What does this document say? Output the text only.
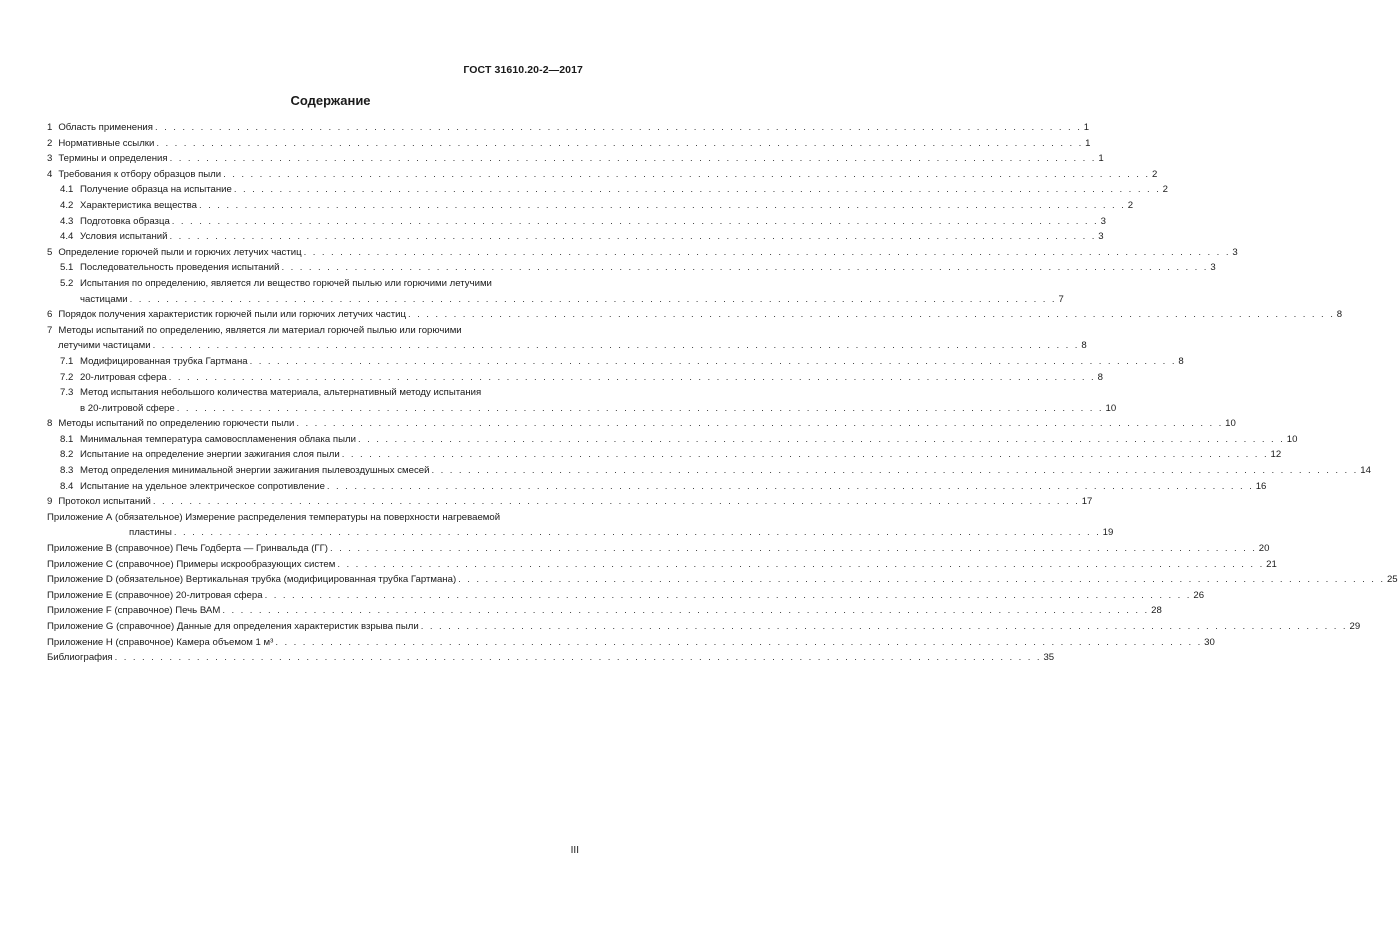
ГОСТ 31610.20-2—2017
Содержание
1 Область применения . . . . . . . . . . . . . . . . . . . . . . . . . . . . . . . . . . . . . . . . . . . . . . . . . . . . . . . . . . . . . . . . . . . . . . . . . . . . . . . . . . . . . . . . . . . . . . . . . . . . . . 1
2 Нормативные ссылки . . . . . . . . . . . . . . . . . . . . . . . . . . . . . . . . . . . . . . . . . . . . . . . . . . . . . . . . . . . . . . . . . . . . . . . . . . . . . . . . . . . . . . . . . . . . . . . . . . . . . . 1
3 Термины и определения . . . . . . . . . . . . . . . . . . . . . . . . . . . . . . . . . . . . . . . . . . . . . . . . . . . . . . . . . . . . . . . . . . . . . . . . . . . . . . . . . . . . . . . . . . . . . . . . . . . . . . 1
4 Требования к отбору образцов пыли . . . . . . . . . . . . . . . . . . . . . . . . . . . . . . . . . . . . . . . . . . . . . . . . . . . . . . . . . . . . . . . . . . . . . . . . . . . . . . . . . . . . . . . . . . . . . . . . . . . . . . 2
4.1 Получение образца на испытание . . . . . . . . . . . . . . . . . . . . . . . . . . . . . . . . . . . . . . . . . . . . . . . . . . . . . . . . . . . . . . . . . . . . . . . . . . . . . . . . . . . . . . . . . . . . . . . . . . . . . . 2
4.2 Характеристика вещества . . . . . . . . . . . . . . . . . . . . . . . . . . . . . . . . . . . . . . . . . . . . . . . . . . . . . . . . . . . . . . . . . . . . . . . . . . . . . . . . . . . . . . . . . . . . . . . . . . . . . . 2
4.3 Подготовка образца . . . . . . . . . . . . . . . . . . . . . . . . . . . . . . . . . . . . . . . . . . . . . . . . . . . . . . . . . . . . . . . . . . . . . . . . . . . . . . . . . . . . . . . . . . . . . . . . . . . . . . 3
4.4 Условия испытаний . . . . . . . . . . . . . . . . . . . . . . . . . . . . . . . . . . . . . . . . . . . . . . . . . . . . . . . . . . . . . . . . . . . . . . . . . . . . . . . . . . . . . . . . . . . . . . . . . . . . . . 3
5 Определение горючей пыли и горючих летучих частиц . . . . . . . . . . . . . . . . . . . . . . . . . . . . . . . . . . . . . . . . . . . . . . . . . . . . . . . . . . . . . . . . . . . . . . . . . . . . . . . . . . . . . . . . . . . . . . . . . . . . . . 3
5.1 Последовательность проведения испытаний . . . . . . . . . . . . . . . . . . . . . . . . . . . . . . . . . . . . . . . . . . . . . . . . . . . . . . . . . . . . . . . . . . . . . . . . . . . . . . . . . . . . . . . . . . . . . . . . . . . . . . 3
5.2 Испытания по определению, является ли вещество горючей пылью или горючими летучими
частицами . . . . . . . . . . . . . . . . . . . . . . . . . . . . . . . . . . . . . . . . . . . . . . . . . . . . . . . . . . . . . . . . . . . . . . . . . . . . . . . . . . . . . . . . . . . . . . . . . . . . . . 7
6 Порядок получения характеристик горючей пыли или горючих летучих частиц . . . . . . . . . . . . . . . . . . . . . . . . . . . . . . . . . . . . . . . . . . . . . . . . . . . . . . . . . . . . . . . . . . . . . . . . . . . . . . . . . . . . . . . . . . . . . . . . . . . . . . 8
7 Методы испытаний по определению, является ли материал горючей пылью или горючими
летучими частицами . . . . . . . . . . . . . . . . . . . . . . . . . . . . . . . . . . . . . . . . . . . . . . . . . . . . . . . . . . . . . . . . . . . . . . . . . . . . . . . . . . . . . . . . . . . . . . . . . . . . . . 8
7.1 Модифицированная трубка Гартмана . . . . . . . . . . . . . . . . . . . . . . . . . . . . . . . . . . . . . . . . . . . . . . . . . . . . . . . . . . . . . . . . . . . . . . . . . . . . . . . . . . . . . . . . . . . . . . . . . . . . . . 8
7.2 20-литровая сфера . . . . . . . . . . . . . . . . . . . . . . . . . . . . . . . . . . . . . . . . . . . . . . . . . . . . . . . . . . . . . . . . . . . . . . . . . . . . . . . . . . . . . . . . . . . . . . . . . . . . . . 8
7.3 Метод испытания небольшого количества материала, альтернативный методу испытания
в 20-литровой сфере . . . . . . . . . . . . . . . . . . . . . . . . . . . . . . . . . . . . . . . . . . . . . . . . . . . . . . . . . . . . . . . . . . . . . . . . . . . . . . . . . . . . . . . . . . . . . . . . . . . . . . 10
8 Методы испытаний по определению горючести пыли . . . . . . . . . . . . . . . . . . . . . . . . . . . . . . . . . . . . . . . . . . . . . . . . . . . . . . . . . . . . . . . . . . . . . . . . . . . . . . . . . . . . . . . . . . . . . . . . . . . . . . 10
8.1 Минимальная температура самовоспламенения облака пыли . . . . . . . . . . . . . . . . . . . . . . . . . . . . . . . . . . . . . . . . . . . . . . . . . . . . . . . . . . . . . . . . . . . . . . . . . . . . . . . . . . . . . . . . . . . . . . . . . . . . . . 10
8.2 Испытание на определение энергии зажигания слоя пыли . . . . . . . . . . . . . . . . . . . . . . . . . . . . . . . . . . . . . . . . . . . . . . . . . . . . . . . . . . . . . . . . . . . . . . . . . . . . . . . . . . . . . . . . . . . . . . . . . . . . . . 12
8.3 Метод определения минимальной энергии зажигания пылевоздушных смесей . . . . . . . . . . . . . . . . . . . . . . . . . . . . . . . . . . . . . . . . . . . . . . . . . . . . . . . . . . . . . . . . . . . . . . . . . . . . . . . . . . . . . . . . . . . . . . . . . . . . . . 14
8.4 Испытание на удельное электрическое сопротивление . . . . . . . . . . . . . . . . . . . . . . . . . . . . . . . . . . . . . . . . . . . . . . . . . . . . . . . . . . . . . . . . . . . . . . . . . . . . . . . . . . . . . . . . . . . . . . . . . . . . . . 16
9 Протокол испытаний . . . . . . . . . . . . . . . . . . . . . . . . . . . . . . . . . . . . . . . . . . . . . . . . . . . . . . . . . . . . . . . . . . . . . . . . . . . . . . . . . . . . . . . . . . . . . . . . . . . . . . 17
Приложение А (обязательное) Измерение распределения температуры на поверхности нагреваемой
пластины . . . . . . . . . . . . . . . . . . . . . . . . . . . . . . . . . . . . . . . . . . . . . . . . . . . . . . . . . . . . . . . . . . . . . . . . . . . . . . . . . . . . . . . . . . . . . . . . . . . . . . 19
Приложение В (справочное) Печь Годберта — Гринвальда (ГГ) . . . . . . . . . . . . . . . . . . . . . . . . . . . . . . . . . . . . . . . . . . . . . . . . . . . . . . . . . . . . . . . . . . . . . . . . . . . . . . . . . . . . . . . . . . . . . . . . . . . . . . 20
Приложение С (справочное) Примеры искрообразующих систем . . . . . . . . . . . . . . . . . . . . . . . . . . . . . . . . . . . . . . . . . . . . . . . . . . . . . . . . . . . . . . . . . . . . . . . . . . . . . . . . . . . . . . . . . . . . . . . . . . . . . . 21
Приложение D (обязательное) Вертикальная трубка (модифицированная трубка Гартмана) . . . . . . . . . . . . . . . . . . . . . . . . . . . . . . . . . . . . . . . . . . . . . . . . . . . . . . . . . . . . . . . . . . . . . . . . . . . . . . . . . . . . . . . . . . . . . . . . . . . . . . 25
Приложение Е (справочное) 20-литровая сфера . . . . . . . . . . . . . . . . . . . . . . . . . . . . . . . . . . . . . . . . . . . . . . . . . . . . . . . . . . . . . . . . . . . . . . . . . . . . . . . . . . . . . . . . . . . . . . . . . . . . . . 26
Приложение F (справочное) Печь ВАМ . . . . . . . . . . . . . . . . . . . . . . . . . . . . . . . . . . . . . . . . . . . . . . . . . . . . . . . . . . . . . . . . . . . . . . . . . . . . . . . . . . . . . . . . . . . . . . . . . . . . . . 28
Приложение G (справочное) Данные для определения характеристик взрыва пыли . . . . . . . . . . . . . . . . . . . . . . . . . . . . . . . . . . . . . . . . . . . . . . . . . . . . . . . . . . . . . . . . . . . . . . . . . . . . . . . . . . . . . . . . . . . . . . . . . . . . . . 29
Приложение Н (справочное) Камера объемом 1 м³ . . . . . . . . . . . . . . . . . . . . . . . . . . . . . . . . . . . . . . . . . . . . . . . . . . . . . . . . . . . . . . . . . . . . . . . . . . . . . . . . . . . . . . . . . . . . . . . . . . . . . . 30
Библиография . . . . . . . . . . . . . . . . . . . . . . . . . . . . . . . . . . . . . . . . . . . . . . . . . . . . . . . . . . . . . . . . . . . . . . . . . . . . . . . . . . . . . . . . . . . . . . . . . . . . . . 35
III
